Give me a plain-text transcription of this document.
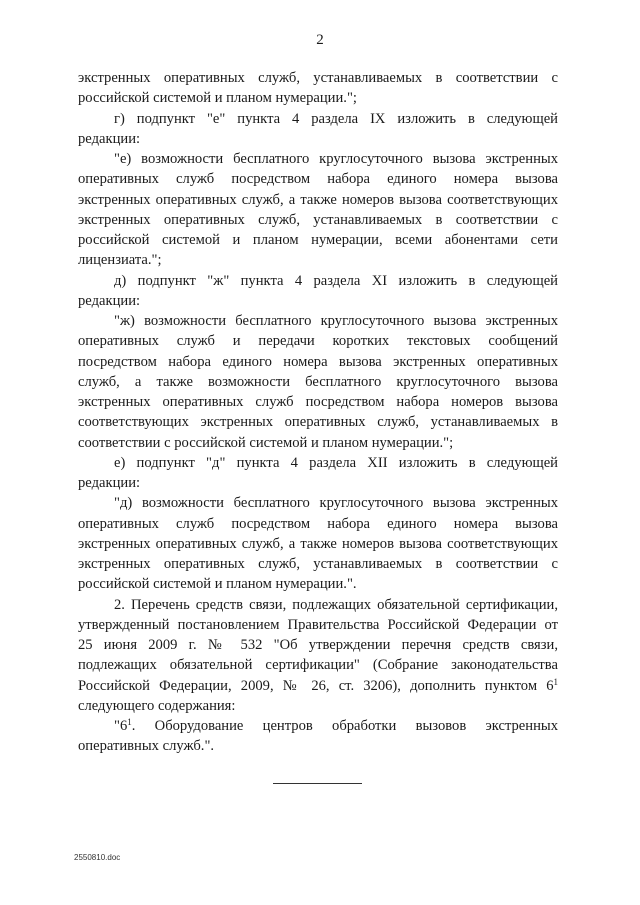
2
экстренных оперативных служб, устанавливаемых в соответствии с
российской системой и планом нумерации.";
г) подпункт "е" пункта 4 раздела IX изложить в следующей
редакции:
"е) возможности бесплатного круглосуточного вызова экстренных
оперативных служб посредством набора единого номера вызова
экстренных оперативных служб, а также номеров вызова соответствующих
экстренных оперативных служб, устанавливаемых в соответствии с
российской системой и планом нумерации, всеми абонентами сети
лицензиата.";
д) подпункт "ж" пункта 4 раздела XI изложить в следующей
редакции:
"ж) возможности бесплатного круглосуточного вызова экстренных
оперативных служб и передачи коротких текстовых сообщений
посредством набора единого номера вызова экстренных оперативных
служб, а также возможности бесплатного круглосуточного вызова
экстренных оперативных служб посредством набора номеров вызова
соответствующих экстренных оперативных служб, устанавливаемых в
соответствии с российской системой и планом нумерации.";
е) подпункт "д" пункта 4 раздела XII изложить в следующей
редакции:
"д) возможности бесплатного круглосуточного вызова экстренных
оперативных служб посредством набора единого номера вызова
экстренных оперативных служб, а также номеров вызова соответствующих
экстренных оперативных служб, устанавливаемых в соответствии с
российской системой и планом нумерации.".
2. Перечень средств связи, подлежащих обязательной сертификации,
утвержденный постановлением Правительства Российской Федерации от
25 июня 2009 г. № 532 "Об утверждении перечня средств связи,
подлежащих обязательной сертификации" (Собрание законодательства
Российской Федерации, 2009, № 26, ст. 3206), дополнить пунктом $6^1$
следующего содержания:
"$6^1$. Оборудование центров обработки вызовов экстренных
оперативных служб.".
2550810.doc
